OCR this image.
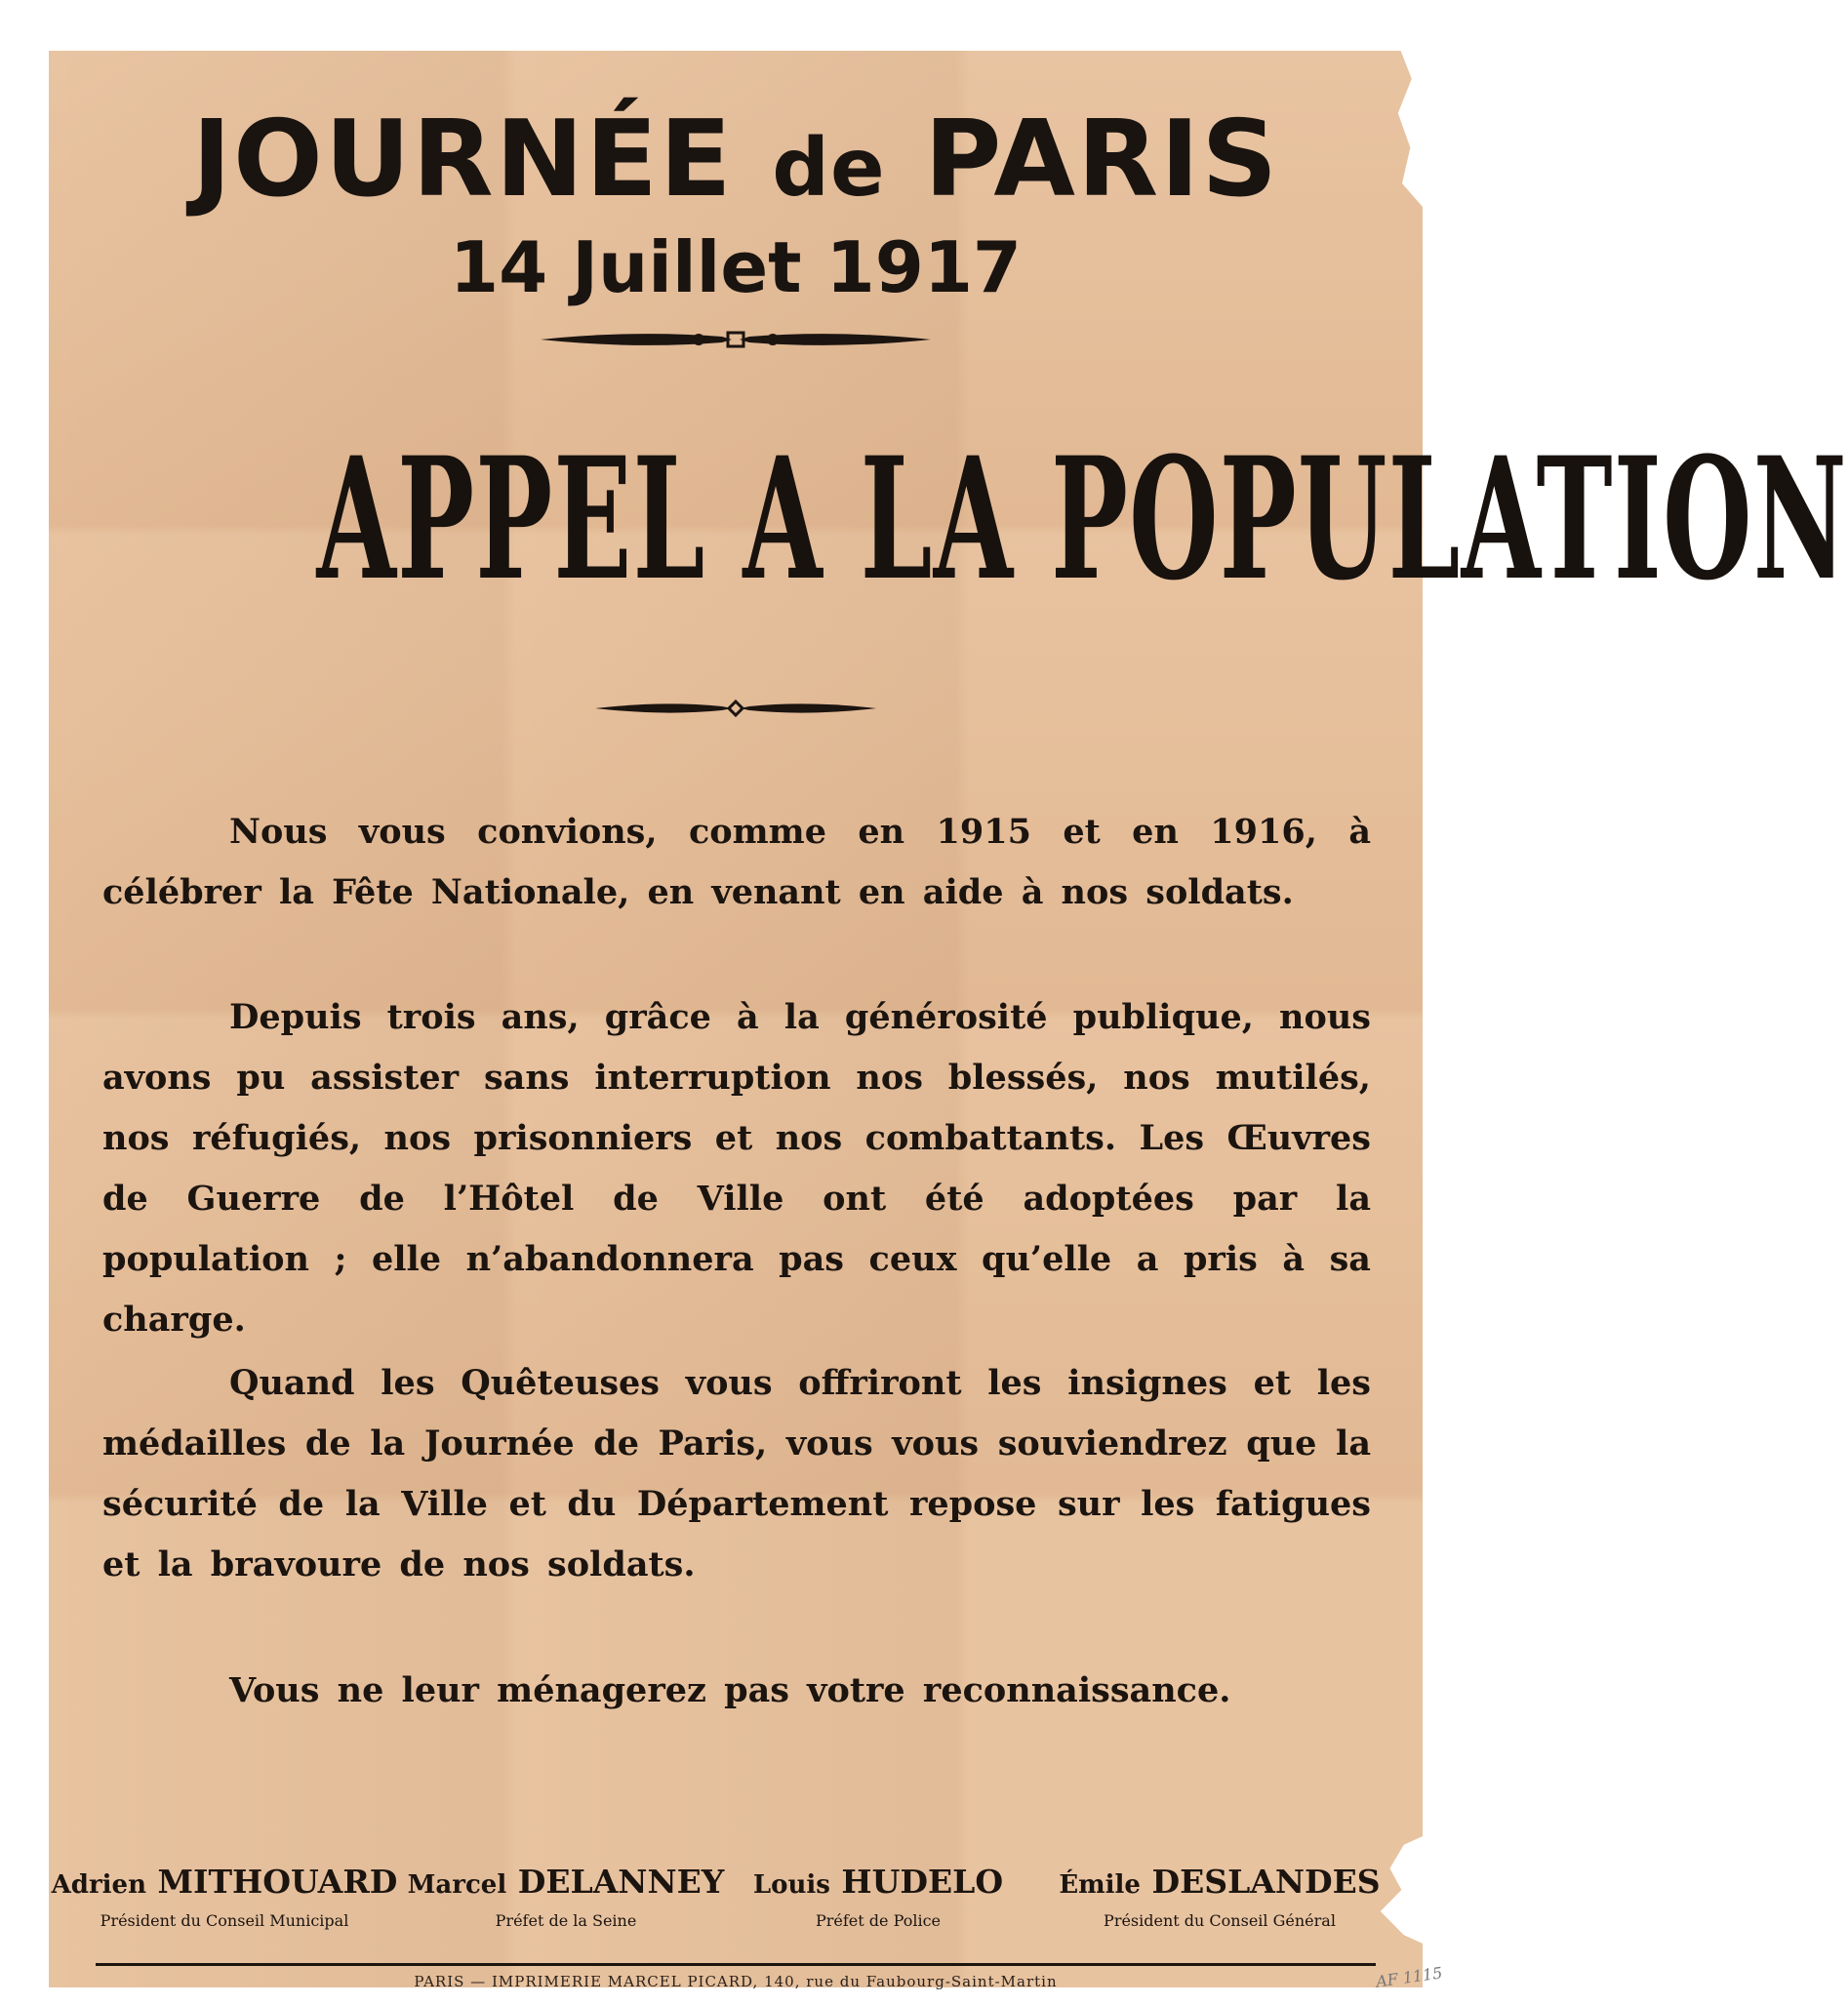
JOURNÉE de PARIS
14 Juillet 1917
APPEL A LA POPULATION

Nous vous convions, comme en 1915 et en 1916, à célébrer la Fête Nationale, en venant en aide à nos soldats.

Depuis trois ans, grâce à la générosité publique, nous avons pu assister sans interruption nos blessés, nos mutilés, nos réfugiés, nos prisonniers et nos combattants. Les Œuvres de Guerre de l’Hôtel de Ville ont été adoptées par la population ; elle n’abandonnera pas ceux qu’elle a pris à sa charge.

Quand les Quêteuses vous offriront les insignes et les médailles de la Journée de Paris, vous vous souviendrez que la sécurité de la Ville et du Département repose sur les fatigues et la bravoure de nos soldats.

Vous ne leur ménagerez pas votre reconnaissance.

Adrien MITHOUARD
Président du Conseil Municipal
Marcel DELANNEY
Préfet de la Seine
Louis HUDELO
Préfet de Police
Émile DESLANDES
Président du Conseil Général
PARIS — IMPRIMERIE MARCEL PICARD, 140, rue du Faubourg-Saint-Martin	AF 1115
